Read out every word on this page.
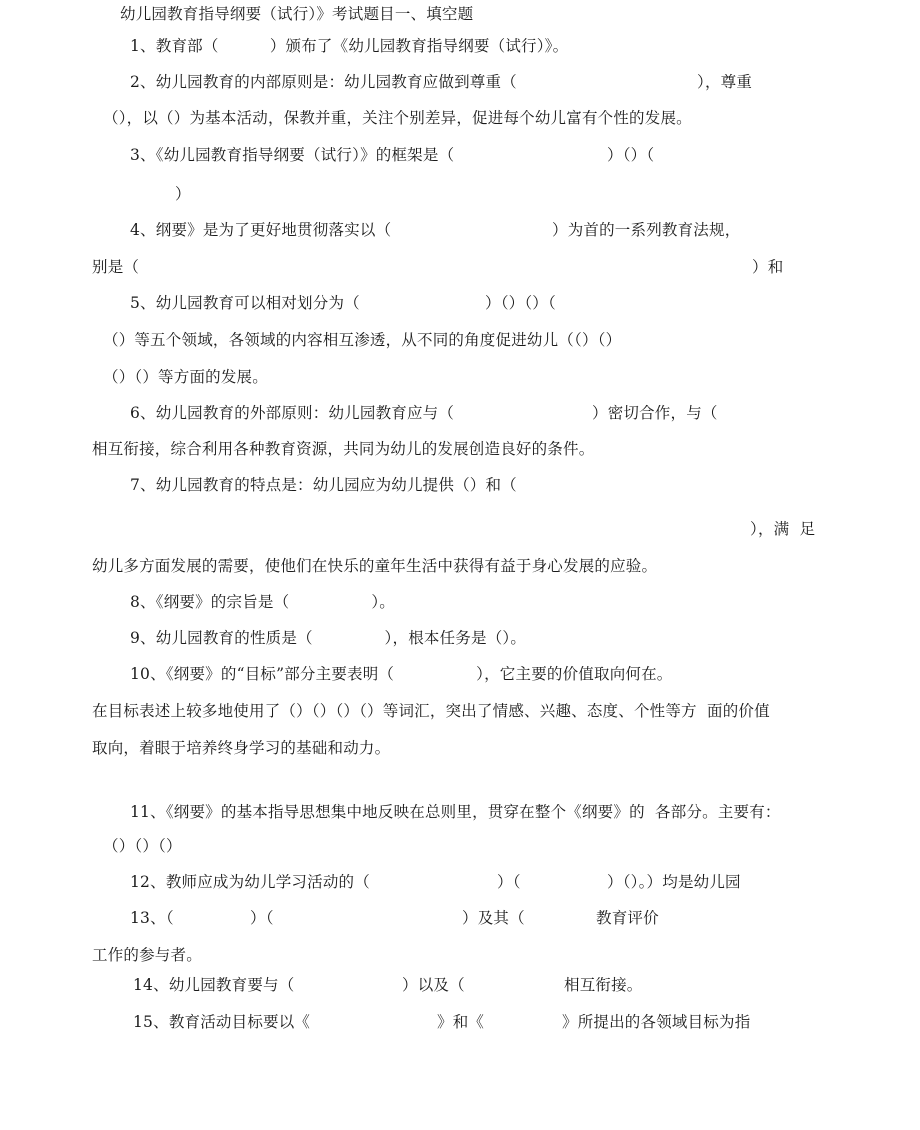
幼儿园教育指导纲要（试行）》考试题目一、填空题
1、教育部（          ）颁布了《幼儿园教育指导纲要（试行）》。
2、幼儿园教育的内部原则是：幼儿园教育应做到尊重（	），尊重
（），以（）为基本活动，保教并重，关注个别差异，促进每个幼儿富有个性的发展。
3、《幼儿园教育指导纲要（试行）》的框架是（	）（）（
）
4、纲要》是为了更好地贯彻落实以（	）为首的一系列教育法规，
别是（	）和
5、幼儿园教育可以相对划分为（	）（）（）（
（）等五个领域，各领域的内容相互渗透，从不同的角度促进幼儿（（）（）
（）（）等方面的发展。
6、幼儿园教育的外部原则：幼儿园教育应与（	）密切合作，与（
相互衔接，综合利用各种教育资源，共同为幼儿的发展创造良好的条件。
7、幼儿园教育的特点是：幼儿园应为幼儿提供（）和（
），满  足
幼儿多方面发展的需要，使他们在快乐的童年生活中获得有益于身心发展的应验。
8、《纲要》的宗旨是（                ）。
9、幼儿园教育的性质是（              ），根本任务是（）。
10、《纲要》的“目标”部分主要表明（                ），它主要的价值取向何在。
在目标表述上较多地使用了（）（）（）（）等词汇，突出了情感、兴趣、态度、个性等方  面的价值
取向，着眼于培养终身学习的基础和动力。
11、《纲要》的基本指导思想集中地反映在总则里，贯穿在整个《纲要》的  各部分。主要有：
（）（）（）
12、教师应成为幼儿学习活动的（	）（	）（）。）均是幼儿园
13、（	）（	）及其（	教育评价
工作的参与者。
14、幼儿园教育要与（	）以及（	相互衔接。
15、教育活动目标要以《	》和《	》所提出的各领域目标为指
